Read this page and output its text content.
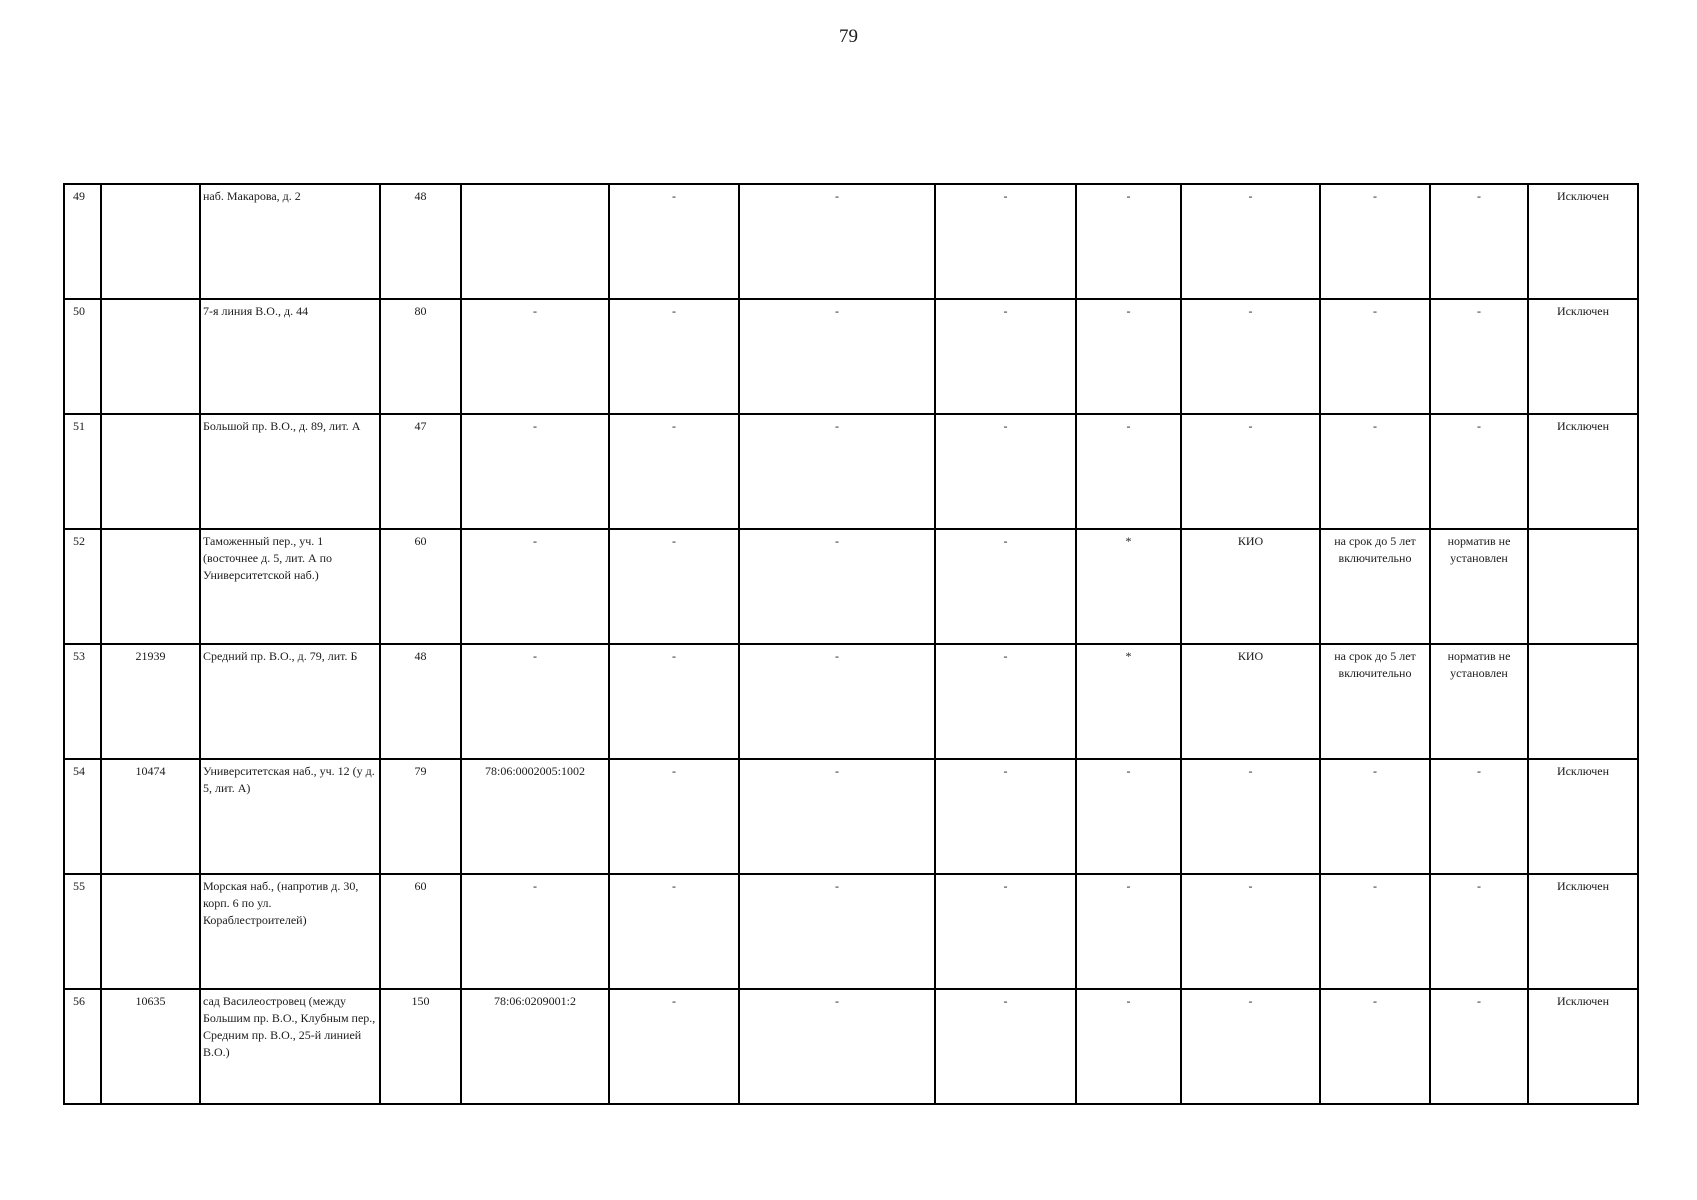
79
49		наб. Макарова, д. 2	48		-	-	-	-	-	-	-	Исключен
50		7-я линия В.О., д. 44	80	-	-	-	-	-	-	-	-	Исключен
51		Большой пр. В.О., д. 89, лит. А	47	-	-	-	-	-	-	-	-	Исключен
52		Таможенный пер., уч. 1 (восточнее д. 5, лит. А по Университетской наб.)	60	-	-	-	-	*	КИО	на срок до 5 лет включительно	норматив не установлен	
53	21939	Средний пр. В.О., д. 79, лит. Б	48	-	-	-	-	*	КИО	на срок до 5 лет включительно	норматив не установлен	
54	10474	Университетская наб., уч. 12 (у д. 5, лит. А)	79	78:06:0002005:1002	-	-	-	-	-	-	-	Исключен
55		Морская наб., (напротив д. 30, корп. 6 по ул. Кораблестроителей)	60	-	-	-	-	-	-	-	-	Исключен
56	10635	сад Василеостровец (между Большим пр. В.О., Клубным пер., Средним пр. В.О., 25-й линией В.О.)	150	78:06:0209001:2	-	-	-	-	-	-	-	Исключен
